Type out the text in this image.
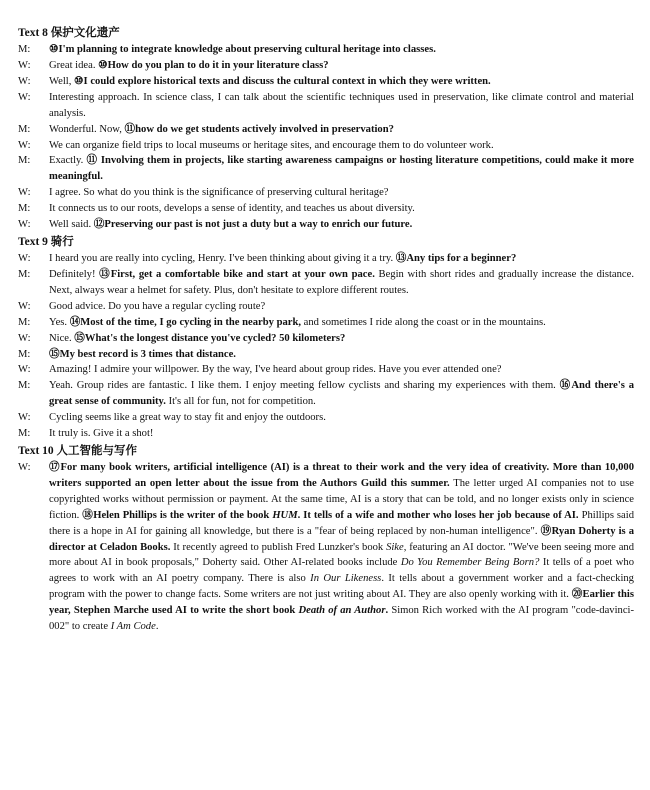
Text 8 保护文化遗产

M:	⑩I'm planning to integrate knowledge about preserving cultural heritage into classes.

W:	Great idea. ⑩How do you plan to do it in your literature class?

W:	Well, ⑩I could explore historical texts and discuss the cultural context in which they were written.

W:	Interesting approach. In science class, I can talk about the scientific techniques used in preservation, like climate control and material analysis.

M:	Wonderful. Now, ⑪how do we get students actively involved in preservation?

W:	We can organize field trips to local museums or heritage sites, and encourage them to do volunteer work.

M:	Exactly. ⑪ Involving them in projects, like starting awareness campaigns or hosting literature competitions, could make it more meaningful.

W:	I agree. So what do you think is the significance of preserving cultural heritage?

M:	It connects us to our roots, develops a sense of identity, and teaches us about diversity.

W:	Well said. ⑫Preserving our past is not just a duty but a way to enrich our future.

Text 9 骑行

W:	I heard you are really into cycling, Henry. I've been thinking about giving it a try. ⑬Any tips for a beginner?

M:	Definitely! ⑬First, get a comfortable bike and start at your own pace. Begin with short rides and gradually increase the distance. Next, always wear a helmet for safety. Plus, don't hesitate to explore different routes.

W:	Good advice. Do you have a regular cycling route?

M:	Yes. ⑭Most of the time, I go cycling in the nearby park, and sometimes I ride along the coast or in the mountains.

W:	Nice. ⑮What's the longest distance you've cycled? 50 kilometers?

M:	⑮My best record is 3 times that distance.

W:	Amazing! I admire your willpower. By the way, I've heard about group rides. Have you ever attended one?

M:	Yeah. Group rides are fantastic. I like them. I enjoy meeting fellow cyclists and sharing my experiences with them. ⑯And there's a great sense of community. It's all for fun, not for competition.

W:	Cycling seems like a great way to stay fit and enjoy the outdoors.

M:	It truly is. Give it a shot!

Text 10 人工智能与写作

W:	⑰For many book writers, artificial intelligence (AI) is a threat to their work and the very idea of creativity. More than 10,000 writers supported an open letter about the issue from the Authors Guild this summer. The letter urged AI companies not to use copyrighted works without permission or payment. At the same time, AI is a story that can be told, and no longer exists only in science fiction. ⑱Helen Phillips is the writer of the book HUM. It tells of a wife and mother who loses her job because of AI. Phillips said there is a hope in AI for gaining all knowledge, but there is a "fear of being replaced by non-human intelligence". ⑲Ryan Doherty is a director at Celadon Books. It recently agreed to publish Fred Lunzker's book Sike, featuring an AI doctor. "We've been seeing more and more about AI in book proposals," Doherty said. Other AI-related books include Do You Remember Being Born? It tells of a poet who agrees to work with an AI poetry company. There is also In Our Likeness. It tells about a government worker and a fact-checking program with the power to change facts. Some writers are not just writing about AI. They are also openly working with it. ⑳Earlier this year, Stephen Marche used AI to write the short book Death of an Author. Simon Rich worked with the AI program "code-davinci-002" to create I Am Code.
